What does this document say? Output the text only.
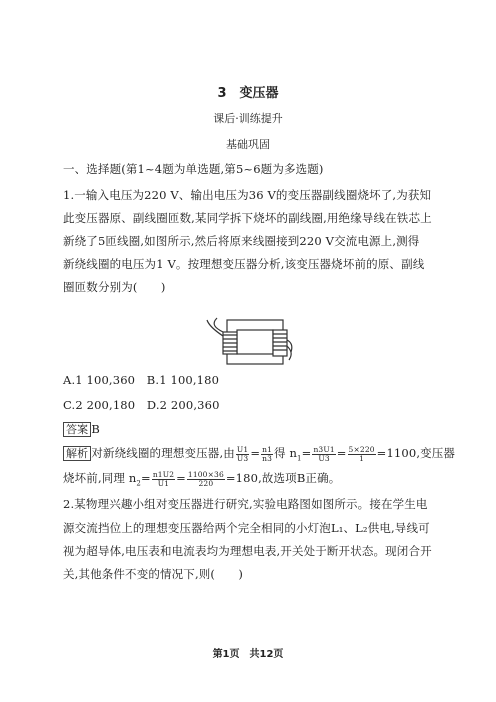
3　变压器
课后·训练提升
基础巩固
一、选择题(第1~4题为单选题,第5~6题为多选题)
1.一输入电压为220 V、输出电压为36 V的变压器副线圈烧坏了,为获知
此变压器原、副线圈匝数,某同学拆下烧坏的副线圈,用绝缘导线在铁芯上
新绕了5匝线圈,如图所示,然后将原来线圈接到220 V交流电源上,测得
新绕线圈的电压为1 V。按理想变压器分析,该变压器烧坏前的原、副线
圈匝数分别为(　　)
A.1 100,360　 B.1 100,180
C.2 200,180　 D.2 200,360
答案 B
解析 对新绕线圈的理想变压器,由 $\frac{U1}{U3} = \frac{n1}{n3}$ 得 $n_1= \frac{n3U1}{U3} = \frac{5\times 220}{1} =1100$,变压器
烧坏前,同理 $n_2= \frac{n1U2}{U1} = \frac{1100\times 36}{220} =180$,故选项B正确。
2.某物理兴趣小组对变压器进行研究,实验电路图如图所示。接在学生电
源交流挡位上的理想变压器给两个完全相同的小灯泡L₁、L₂供电,导线可
视为超导体,电压表和电流表均为理想电表,开关处于断开状态。现闭合开
关,其他条件不变的情况下,则(　　)
第1页　共12页
